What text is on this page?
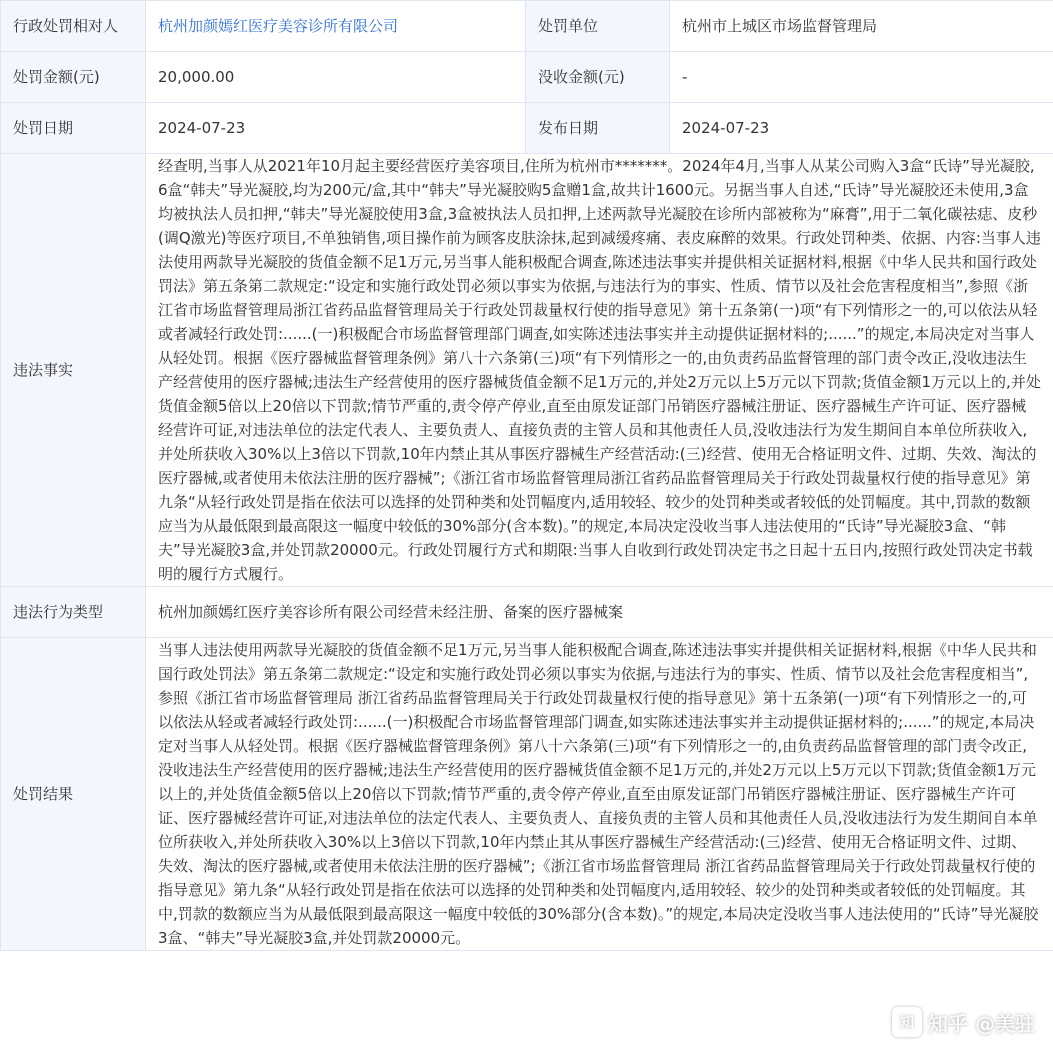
行政处罚相对人	杭州加颜嫣红医疗美容诊所有限公司	处罚单位	杭州市上城区市场监督管理局
处罚金额(元)	20,000.00	没收金额(元)	-
处罚日期	2024-07-23	发布日期	2024-07-23
违法事实	经查明,当事人从2021年10月起主要经营医疗美容项目,住所为杭州市*******。2024年4月,当事人从某公司购入3盒“氏诗”导光凝胶,6盒“韩夫”导光凝胶,均为200元/盒,其中“韩夫”导光凝胶购5盒赠1盒,故共计1600元。另据当事人自述,“氏诗”导光凝胶还未使用,3盒均被执法人员扣押,“韩夫”导光凝胶使用3盒,3盒被执法人员扣押,上述两款导光凝胶在诊所内部被称为“麻膏”,用于二氧化碳祛痣、皮秒(调Q激光)等医疗项目,不单独销售,项目操作前为顾客皮肤涂抹,起到减缓疼痛、表皮麻醉的效果。行政处罚种类、依据、内容:当事人违法使用两款导光凝胶的货值金额不足1万元,另当事人能积极配合调查,陈述违法事实并提供相关证据材料,根据《中华人民共和国行政处罚法》第五条第二款规定:“设定和实施行政处罚必须以事实为依据,与违法行为的事实、性质、情节以及社会危害程度相当”,参照《浙江省市场监督管理局浙江省药品监督管理局关于行政处罚裁量权行使的指导意见》第十五条第(一)项“有下列情形之一的,可以依法从轻或者减轻行政处罚:......(一)积极配合市场监督管理部门调查,如实陈述违法事实并主动提供证据材料的;......”的规定,本局决定对当事人从轻处罚。根据《医疗器械监督管理条例》第八十六条第(三)项“有下列情形之一的,由负责药品监督管理的部门责令改正,没收违法生产经营使用的医疗器械;违法生产经营使用的医疗器械货值金额不足1万元的,并处2万元以上5万元以下罚款;货值金额1万元以上的,并处货值金额5倍以上20倍以下罚款;情节严重的,责令停产停业,直至由原发证部门吊销医疗器械注册证、医疗器械生产许可证、医疗器械经营许可证,对违法单位的法定代表人、主要负责人、直接负责的主管人员和其他责任人员,没收违法行为发生期间自本单位所获收入,并处所获收入30%以上3倍以下罚款,10年内禁止其从事医疗器械生产经营活动:(三)经营、使用无合格证明文件、过期、失效、淘汰的医疗器械,或者使用未依法注册的医疗器械”;《浙江省市场监督管理局浙江省药品监督管理局关于行政处罚裁量权行使的指导意见》第九条“从轻行政处罚是指在依法可以选择的处罚种类和处罚幅度内,适用较轻、较少的处罚种类或者较低的处罚幅度。其中,罚款的数额应当为从最低限到最高限这一幅度中较低的30%部分(含本数)。”的规定,本局决定没收当事人违法使用的“氏诗”导光凝胶3盒、“韩夫”导光凝胶3盒,并处罚款20000元。行政处罚履行方式和期限:当事人自收到行政处罚决定书之日起十五日内,按照行政处罚决定书载明的履行方式履行。		
违法行为类型	杭州加颜嫣红医疗美容诊所有限公司经营未经注册、备案的医疗器械案		
处罚结果	当事人违法使用两款导光凝胶的货值金额不足1万元,另当事人能积极配合调查,陈述违法事实并提供相关证据材料,根据《中华人民共和国行政处罚法》第五条第二款规定:“设定和实施行政处罚必须以事实为依据,与违法行为的事实、性质、情节以及社会危害程度相当”,参照《浙江省市场监督管理局 浙江省药品监督管理局关于行政处罚裁量权行使的指导意见》第十五条第(一)项“有下列情形之一的,可以依法从轻或者减轻行政处罚:......(一)积极配合市场监督管理部门调查,如实陈述违法事实并主动提供证据材料的;......”的规定,本局决定对当事人从轻处罚。根据《医疗器械监督管理条例》第八十六条第(三)项“有下列情形之一的,由负责药品监督管理的部门责令改正,没收违法生产经营使用的医疗器械;违法生产经营使用的医疗器械货值金额不足1万元的,并处2万元以上5万元以下罚款;货值金额1万元以上的,并处货值金额5倍以上20倍以下罚款;情节严重的,责令停产停业,直至由原发证部门吊销医疗器械注册证、医疗器械生产许可证、医疗器械经营许可证,对违法单位的法定代表人、主要负责人、直接负责的主管人员和其他责任人员,没收违法行为发生期间自本单位所获收入,并处所获收入30%以上3倍以下罚款,10年内禁止其从事医疗器械生产经营活动:(三)经营、使用无合格证明文件、过期、失效、淘汰的医疗器械,或者使用未依法注册的医疗器械”;《浙江省市场监督管理局 浙江省药品监督管理局关于行政处罚裁量权行使的指导意见》第九条“从轻行政处罚是指在依法可以选择的处罚种类和处罚幅度内,适用较轻、较少的处罚种类或者较低的处罚幅度。其中,罚款的数额应当为从最低限到最高限这一幅度中较低的30%部分(含本数)。”的规定,本局决定没收当事人违法使用的“氏诗”导光凝胶3盒、“韩夫”导光凝胶3盒,并处罚款20000元。		
知 知乎 @美驻
